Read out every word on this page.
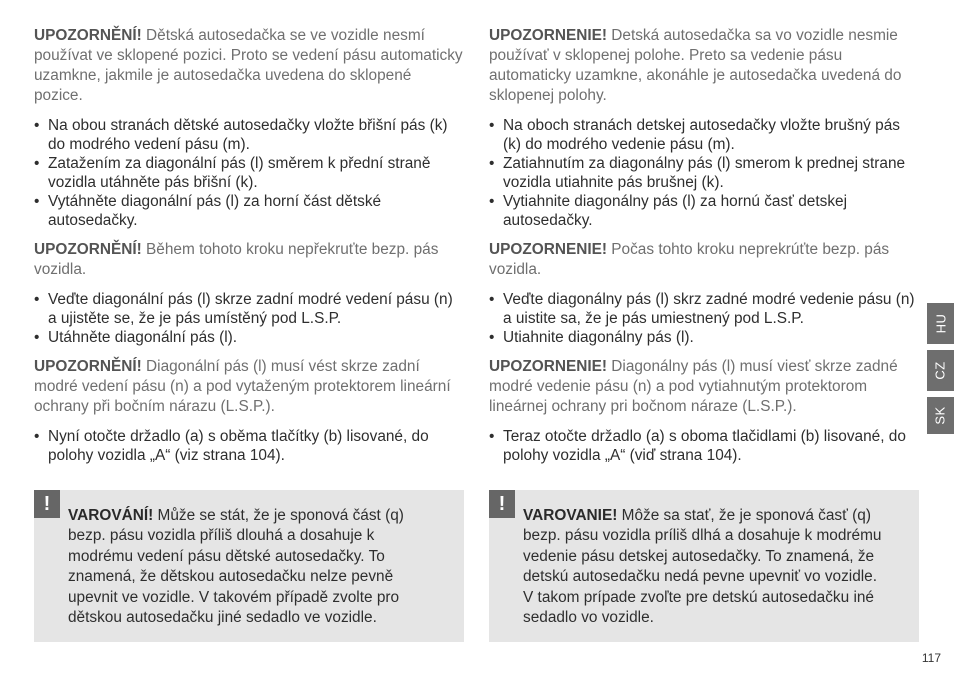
UPOZORNĚNÍ! Dětská autosedačka se ve vozidle nesmí používat ve sklopené pozici. Proto se vedení pásu automaticky uzamkne, jakmile je autosedačka uvedena do sklopené pozice.

• Na obou stranách dětské autosedačky vložte břišní pás (k) do modrého vedení pásu (m).
• Zatažením za diagonální pás (l) směrem k přední straně vozidla utáhněte pás břišní (k).
• Vytáhněte diagonální pás (l) za horní část dětské autosedačky.

UPOZORNĚNÍ! Během tohoto kroku nepřekruťte bezp. pás vozidla.

• Veďte diagonální pás (l) skrze zadní modré vedení pásu (n) a ujistěte se, že je pás umístěný pod L.S.P.
• Utáhněte diagonální pás (l).

UPOZORNĚNÍ! Diagonální pás (l) musí vést skrze zadní modré vedení pásu (n) a pod vytaženým protektorem lineární ochrany při bočním nárazu (L.S.P.).

• Nyní otočte držadlo (a) s oběma tlačítky (b) lisované, do polohy vozidla „A“ (viz strana 104).

UPOZORNENIE! Detská autosedačka sa vo vozidle nesmie používať v sklopenej polohe. Preto sa vedenie pásu automaticky uzamkne, akonáhle je autosedačka uvedená do sklopenej polohy.

• Na oboch stranách detskej autosedačky vložte brušný pás (k) do modrého vedenie pásu (m).
• Zatiahnutím za diagonálny pás (l) smerom k prednej strane vozidla utiahnite pás brušnej (k).
• Vytiahnite diagonálny pás (l) za hornú časť detskej autosedačky.

UPOZORNENIE! Počas tohto kroku neprekrúťte bezp. pás vozidla.

• Veďte diagonálny pás (l) skrz zadné modré vedenie pásu (n) a uistite sa, že je pás umiestnený pod L.S.P.
• Utiahnite diagonálny pás (l).

UPOZORNENIE! Diagonálny pás (l) musí viesť skrze zadné modré vedenie pásu (n) a pod vytiahnutým protektorom lineárnej ochrany pri bočnom náraze (L.S.P.).

• Teraz otočte držadlo (a) s oboma tlačidlami (b) lisované, do polohy vozidla „A“ (viď strana 104).
!
VAROVÁNÍ! Může se stát, že je sponová část (q) bezp. pásu vozidla příliš dlouhá a dosahuje k modrému vedení pásu dětské autosedačky. To znamená, že dětskou autosedačku nelze pevně upevnit ve vozidle. V takovém případě zvolte pro dětskou autosedačku jiné sedadlo ve vozidle.
!
VAROVANIE! Môže sa stať, že je sponová časť (q) bezp. pásu vozidla príliš dlhá a dosahuje k modrému vedenie pásu detskej autosedačky. To znamená, že detskú autosedačku nedá pevne upevniť vo vozidle. V takom prípade zvoľte pre detskú autosedačku iné sedadlo vo vozidle.
HU
CZ
SK
117
